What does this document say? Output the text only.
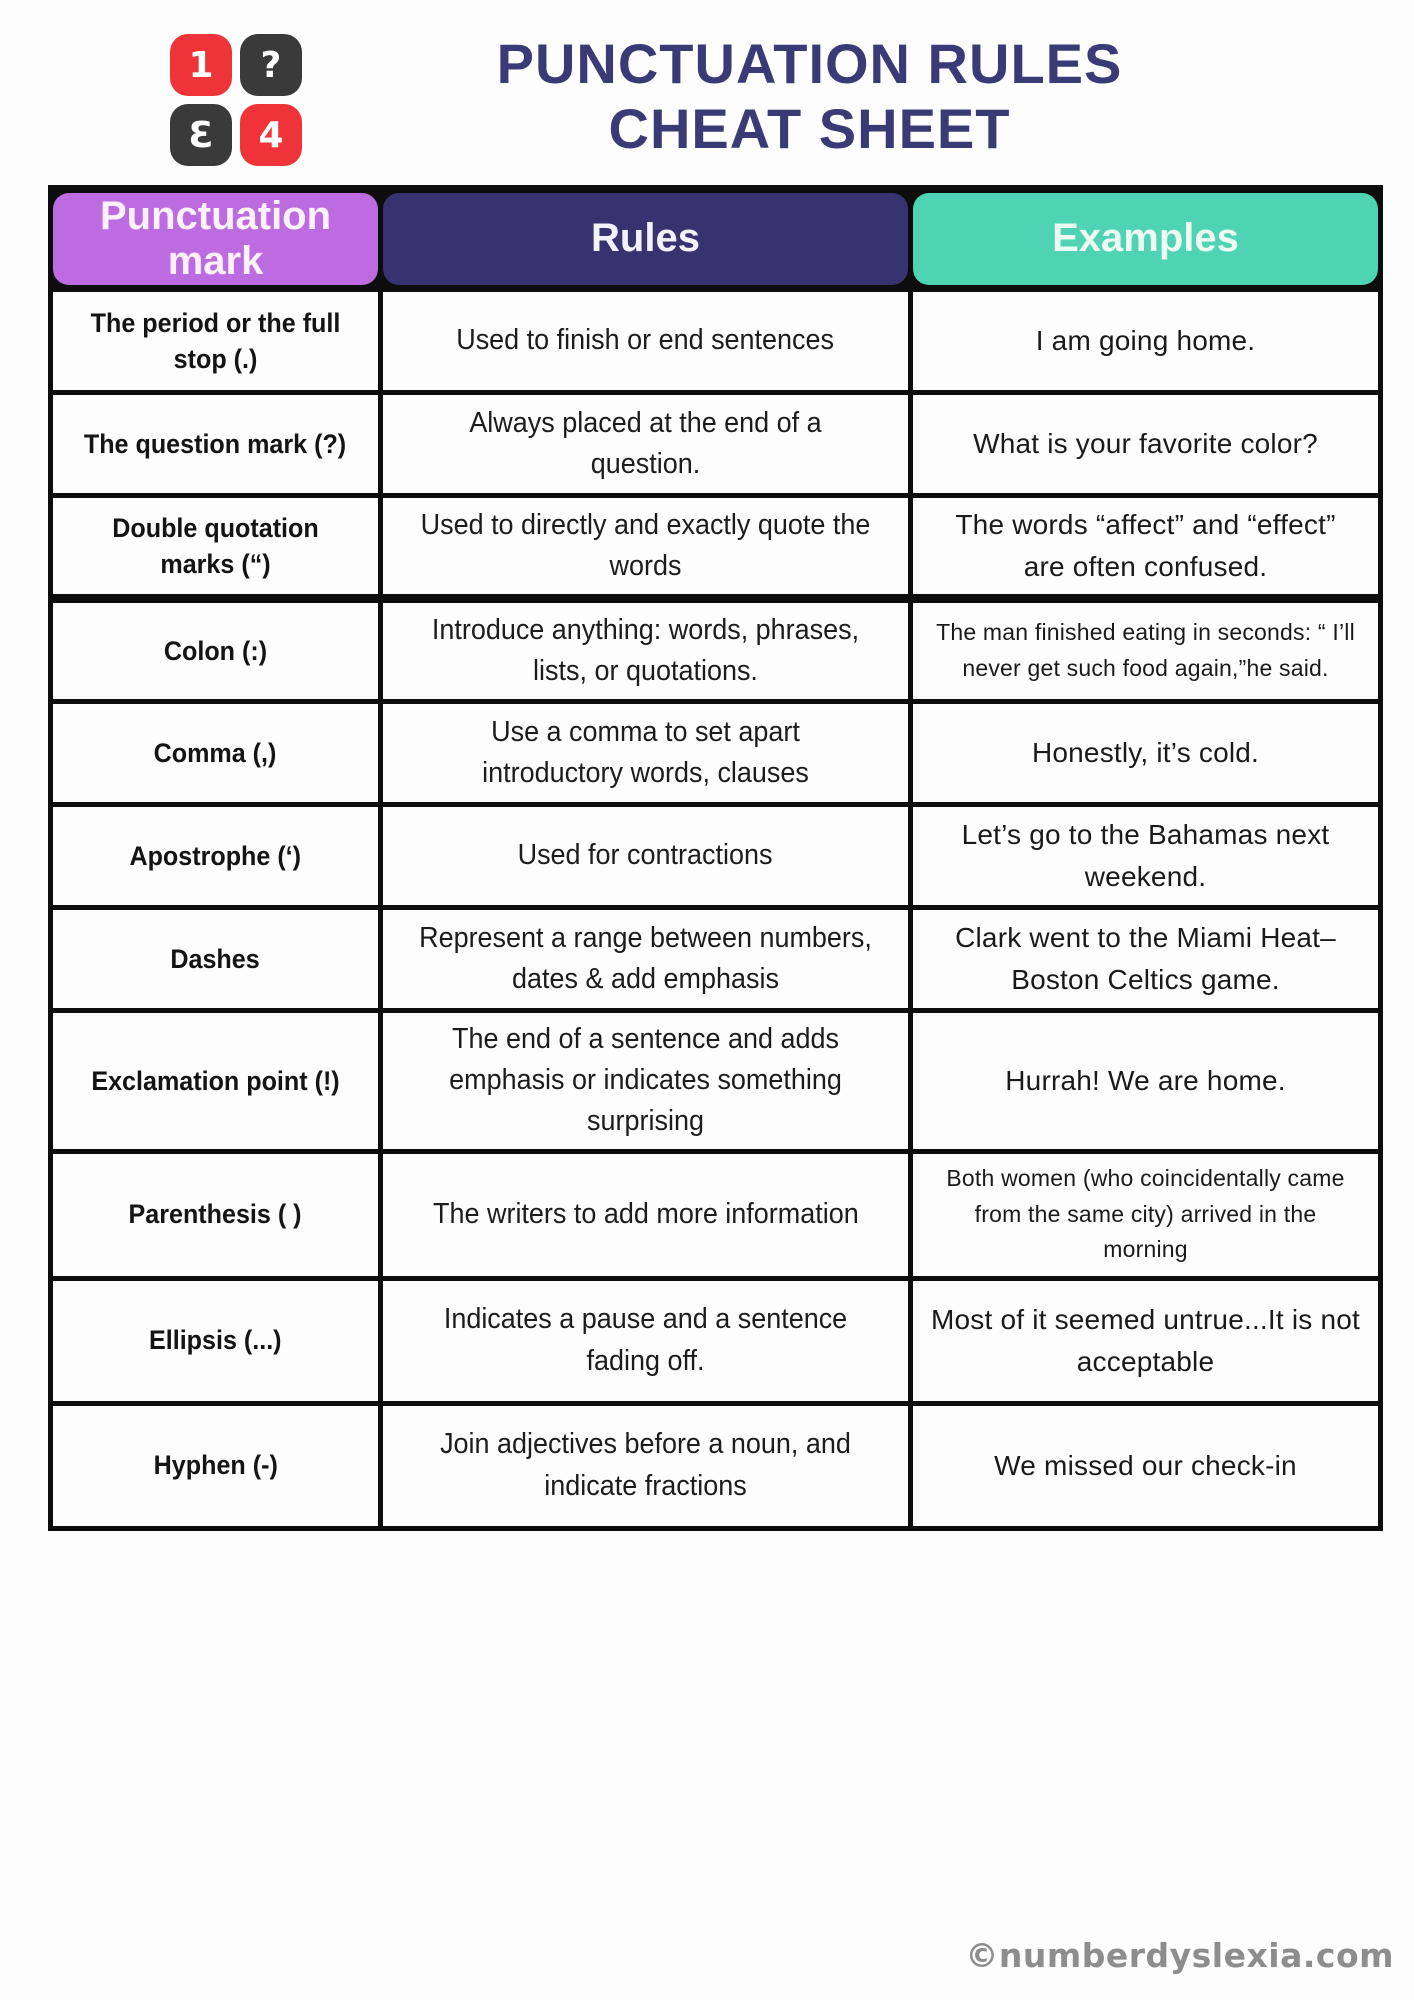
1	?
Ɛ	4
PUNCTUATION RULES
CHEAT SHEET
Punctuation mark	Rules	Examples

The period or the full stop (.)	Used to finish or end sentences	I am going home.
The question mark (?)	Always placed at the end of a question.	What is your favorite color?
Double quotation marks (“)	Used to directly and exactly quote the words	The words “affect” and “effect” are often confused.
Colon (:)	Introduce anything: words, phrases, lists, or quotations.	The man finished eating in seconds: “ I’ll never get such food again,”he said.
Comma (,)	Use a comma to set apart introductory words, clauses	Honestly, it’s cold.
Apostrophe (‘)	Used for contractions	Let’s go to the Bahamas next weekend.
Dashes	Represent a range between numbers, dates & add emphasis	Clark went to the Miami Heat–Boston Celtics game.
Exclamation point (!)	The end of a sentence and adds emphasis or indicates something surprising	Hurrah! We are home.
Parenthesis ( )	The writers to add more information	Both women (who coincidentally came from the same city) arrived in the morning
Ellipsis (...)	Indicates a pause and a sentence fading off.	Most of it seemed untrue...It is not acceptable
Hyphen (-)	Join adjectives before a noun, and indicate fractions	We missed our check-in
©numberdyslexia.com
